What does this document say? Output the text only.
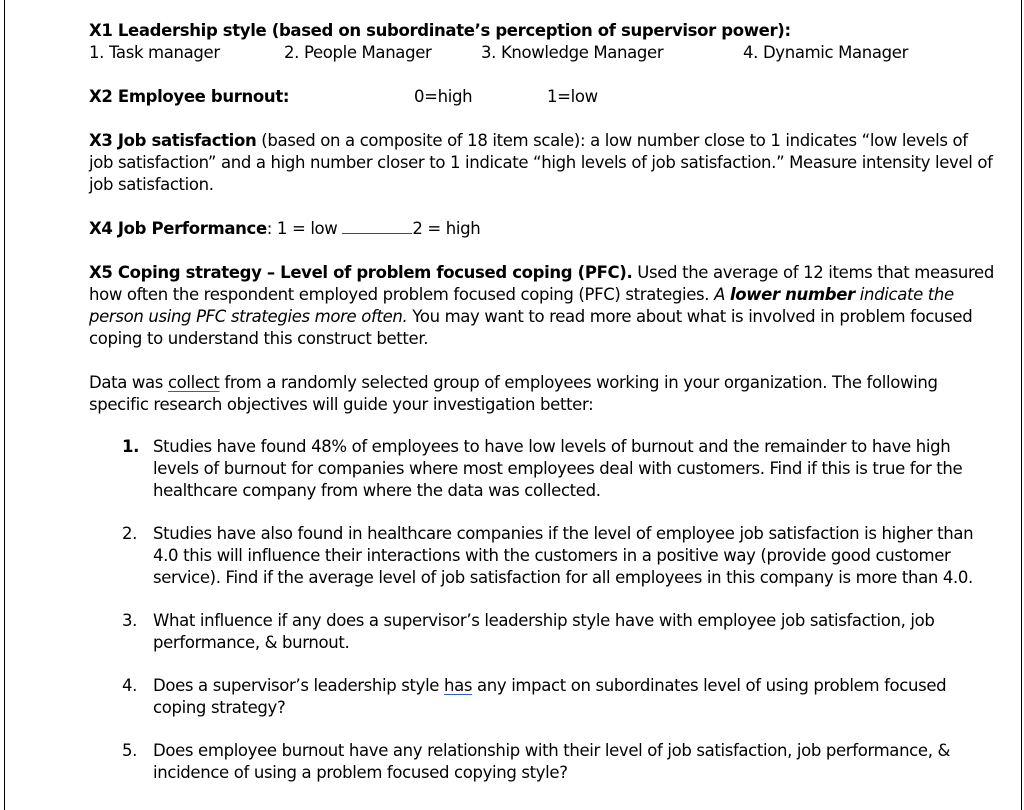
X1 Leadership style (based on subordinate’s perception of supervisor power):
1. Task manager	2. People Manager	3. Knowledge Manager	4. Dynamic Manager
X2 Employee burnout:	0=high	1=low

X3 Job satisfaction (based on a composite of 18 item scale): a low number close to 1 indicates “low levels of job satisfaction” and a high number closer to 1 indicate “high levels of job satisfaction.” Measure intensity level of job satisfaction.

X4 Job Performance: 1 = low	2 = high

X5 Coping strategy – Level of problem focused coping (PFC). Used the average of 12 items that measured how often the respondent employed problem focused coping (PFC) strategies. A lower number indicate the person using PFC strategies more often. You may want to read more about what is involved in problem focused coping to understand this construct better.

Data was collect from a randomly selected group of employees working in your organization. The following specific research objectives will guide your investigation better:

1. Studies have found 48% of employees to have low levels of burnout and the remainder to have high levels of burnout for companies where most employees deal with customers. Find if this is true for the healthcare company from where the data was collected.
2. Studies have also found in healthcare companies if the level of employee job satisfaction is higher than 4.0 this will influence their interactions with the customers in a positive way (provide good customer service). Find if the average level of job satisfaction for all employees in this company is more than 4.0.
3. What influence if any does a supervisor’s leadership style have with employee job satisfaction, job performance, & burnout.
4. Does a supervisor’s leadership style has any impact on subordinates level of using problem focused coping strategy?
5. Does employee burnout have any relationship with their level of job satisfaction, job performance, & incidence of using a problem focused copying style?
